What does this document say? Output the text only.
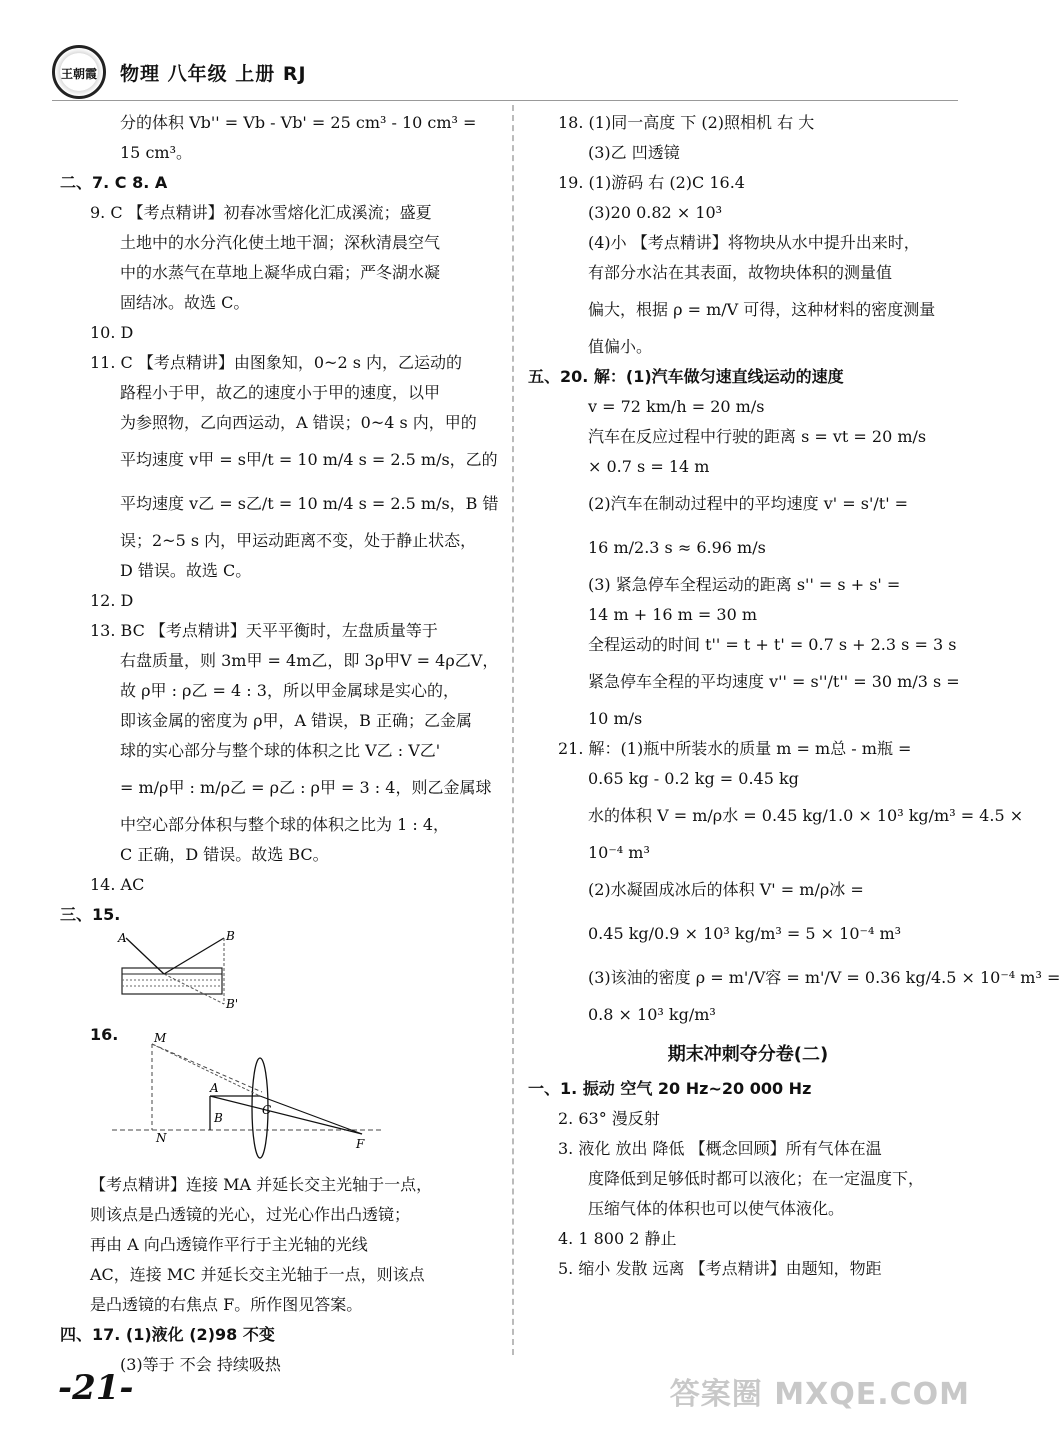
王朝霞	物理 八年级 上册 RJ
分的体积 Vb'' = Vb - Vb' = 25 cm³ - 10 cm³ =
15 cm³。
二、7. C 8. A
9. C 【考点精讲】初春冰雪熔化汇成溪流；盛夏
土地中的水分汽化使土地干涸；深秋清晨空气
中的水蒸气在草地上凝华成白霜；严冬湖水凝
固结冰。故选 C。
10. D
11. C 【考点精讲】由图象知，0~2 s 内，乙运动的
路程小于甲，故乙的速度小于甲的速度，以甲
为参照物，乙向西运动，A 错误；0~4 s 内，甲的
平均速度 v甲 = s甲/t = 10 m/4 s = 2.5 m/s，乙的
平均速度 v乙 = s乙/t = 10 m/4 s = 2.5 m/s，B 错
误；2~5 s 内，甲运动距离不变，处于静止状态，
D 错误。故选 C。
12. D
13. BC 【考点精讲】天平平衡时，左盘质量等于
右盘质量，则 3m甲 = 4m乙，即 3ρ甲V = 4ρ乙V，
故 ρ甲 : ρ乙 = 4 : 3，所以甲金属球是实心的，
即该金属的密度为 ρ甲，A 错误，B 正确；乙金属
球的实心部分与整个球的体积之比 V乙 : V乙'
= m/ρ甲 : m/ρ乙 = ρ乙 : ρ甲 = 3 : 4，则乙金属球
中空心部分体积与整个球的体积之比为 1 : 4，
C 正确，D 错误。故选 BC。
14. AC
三、15.
A	B
B'
16.	M
A
B
C
N	F
【考点精讲】连接 MA 并延长交主光轴于一点，
则该点是凸透镜的光心，过光心作出凸透镜；
再由 A 向凸透镜作平行于主光轴的光线
AC，连接 MC 并延长交主光轴于一点，则该点
是凸透镜的右焦点 F。所作图见答案。
四、17. (1)液化 (2)98 不变
(3)等于 不会 持续吸热
18. (1)同一高度 下 (2)照相机 右 大
(3)乙 凹透镜
19. (1)游码 右 (2)C 16.4
(3)20 0.82 × 10³
(4)小 【考点精讲】将物块从水中提升出来时，
有部分水沾在其表面，故物块体积的测量值
偏大，根据 ρ = m/V 可得，这种材料的密度测量
值偏小。
五、20. 解：(1)汽车做匀速直线运动的速度
v = 72 km/h = 20 m/s
汽车在反应过程中行驶的距离 s = vt = 20 m/s
× 0.7 s = 14 m
(2)汽车在制动过程中的平均速度 v' = s'/t' =
16 m/2.3 s ≈ 6.96 m/s
(3) 紧急停车全程运动的距离 s'' = s + s' =
14 m + 16 m = 30 m
全程运动的时间 t'' = t + t' = 0.7 s + 2.3 s = 3 s
紧急停车全程的平均速度 v'' = s''/t'' = 30 m/3 s =
10 m/s
21. 解：(1)瓶中所装水的质量 m = m总 - m瓶 =
0.65 kg - 0.2 kg = 0.45 kg
水的体积 V = m/ρ水 = 0.45 kg/1.0 × 10³ kg/m³ = 4.5 ×
10⁻⁴ m³
(2)水凝固成冰后的体积 V' = m/ρ冰 =
0.45 kg/0.9 × 10³ kg/m³ = 5 × 10⁻⁴ m³
(3)该油的密度 ρ = m'/V容 = m'/V = 0.36 kg/4.5 × 10⁻⁴ m³ =
0.8 × 10³ kg/m³
期末冲刺夺分卷(二)
一、1. 振动 空气 20 Hz~20 000 Hz
2. 63° 漫反射
3. 液化 放出 降低 【概念回顾】所有气体在温
度降低到足够低时都可以液化；在一定温度下，
压缩气体的体积也可以使气体液化。
4. 1 800 2 静止
5. 缩小 发散 远离 【考点精讲】由题知，物距
-21-	答案圈 MXQE.COM
